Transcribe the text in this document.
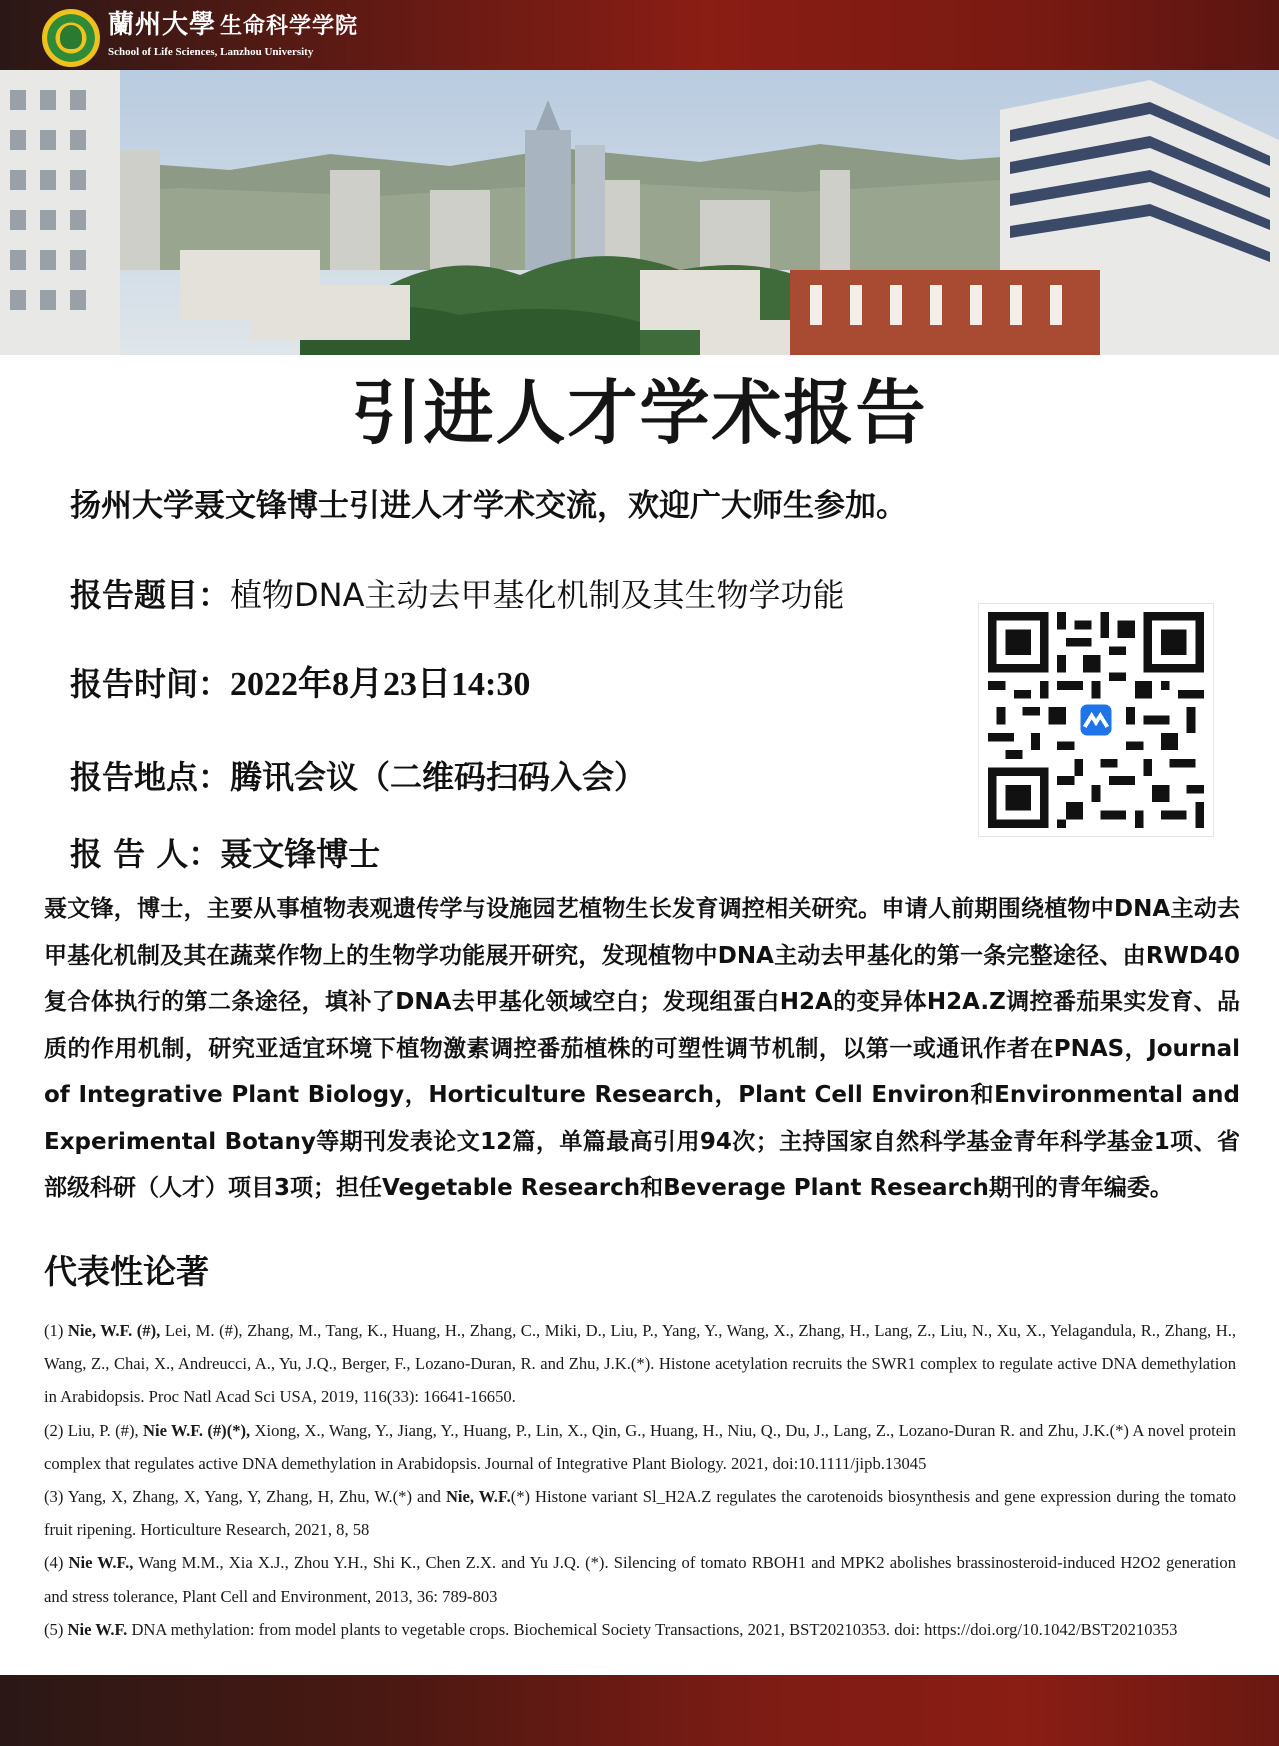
蘭州大學 生命科学学院
School of Life Sciences, Lanzhou University
引进人才学术报告
扬州大学聂文锋博士引进人才学术交流，欢迎广大师生参加。
报告题目：植物DNA主动去甲基化机制及其生物学功能
报告时间：2022年8月23日14:30
报告地点：腾讯会议（二维码扫码入会）
报 告 人：聂文锋博士
聂文锋，博士，主要从事植物表观遗传学与设施园艺植物生长发育调控相关研究。申请人前期围绕植物中DNA主动去甲基化机制及其在蔬菜作物上的生物学功能展开研究，发现植物中DNA主动去甲基化的第一条完整途径、由RWD40复合体执行的第二条途径，填补了DNA去甲基化领域空白；发现组蛋白H2A的变异体H2A.Z调控番茄果实发育、品质的作用机制，研究亚适宜环境下植物激素调控番茄植株的可塑性调节机制，以第一或通讯作者在PNAS，Journal of Integrative Plant Biology，Horticulture Research，Plant Cell Environ和Environmental and Experimental Botany等期刊发表论文12篇，单篇最高引用94次；主持国家自然科学基金青年科学基金1项、省部级科研（人才）项目3项；担任Vegetable Research和Beverage Plant Research期刊的青年编委。
代表性论著

(1) Nie, W.F. (#), Lei, M. (#), Zhang, M., Tang, K., Huang, H., Zhang, C., Miki, D., Liu, P., Yang, Y., Wang, X., Zhang, H., Lang, Z., Liu, N., Xu, X., Yelagandula, R., Zhang, H., Wang, Z., Chai, X., Andreucci, A., Yu, J.Q., Berger, F., Lozano-Duran, R. and Zhu, J.K.(*). Histone acetylation recruits the SWR1 complex to regulate active DNA demethylation in Arabidopsis. Proc Natl Acad Sci USA, 2019, 116(33): 16641-16650.

(2) Liu, P. (#), Nie W.F. (#)(*), Xiong, X., Wang, Y., Jiang, Y., Huang, P., Lin, X., Qin, G., Huang, H., Niu, Q., Du, J., Lang, Z., Lozano-Duran R. and Zhu, J.K.(*) A novel protein complex that regulates active DNA demethylation in Arabidopsis. Journal of Integrative Plant Biology. 2021, doi:10.1111/jipb.13045

(3) Yang, X, Zhang, X, Yang, Y, Zhang, H, Zhu, W.(*) and Nie, W.F.(*) Histone variant Sl_H2A.Z regulates the carotenoids biosynthesis and gene expression during the tomato fruit ripening. Horticulture Research, 2021, 8, 58

(4) Nie W.F., Wang M.M., Xia X.J., Zhou Y.H., Shi K., Chen Z.X. and Yu J.Q. (*). Silencing of tomato RBOH1 and MPK2 abolishes brassinosteroid-induced H2O2 generation and stress tolerance, Plant Cell and Environment, 2013, 36: 789-803

(5) Nie W.F. DNA methylation: from model plants to vegetable crops. Biochemical Society Transactions, 2021, BST20210353. doi: https://doi.org/10.1042/BST20210353
